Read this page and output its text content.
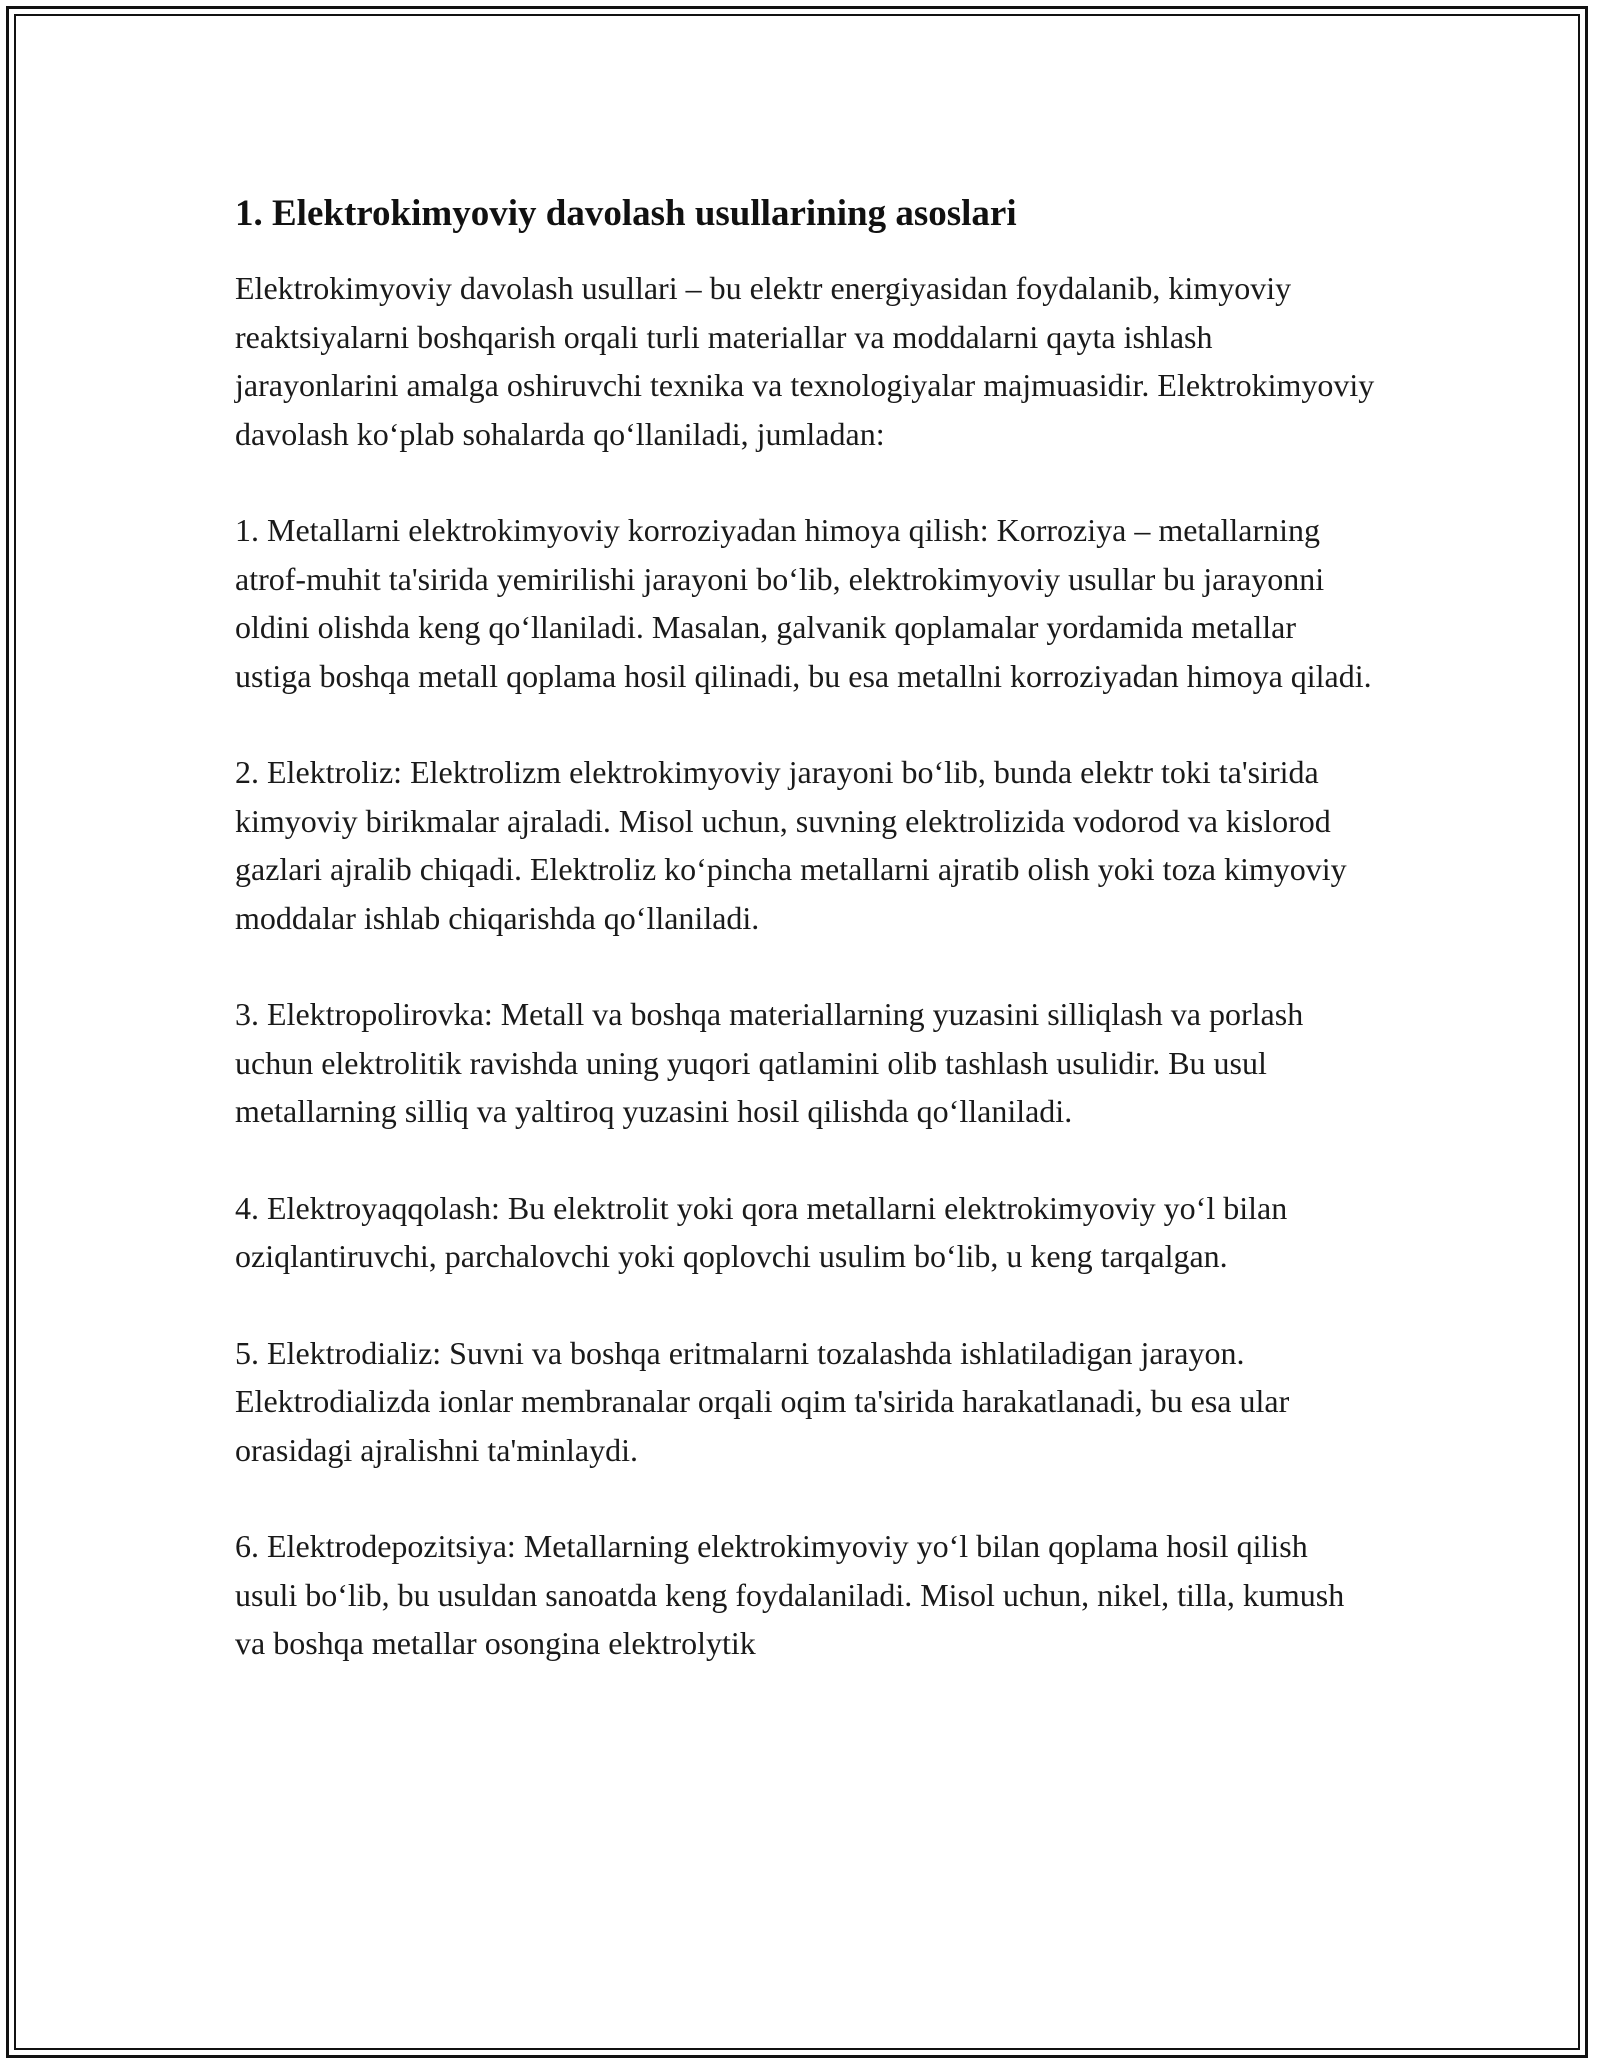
1. Elektrokimyoviy davolash usullarining asoslari

Elektrokimyoviy davolash usullari – bu elektr energiyasidan foydalanib, kimyoviy reaktsiyalarni boshqarish orqali turli materiallar va moddalarni qayta ishlash jarayonlarini amalga oshiruvchi texnika va texnologiyalar majmuasidir. Elektrokimyoviy davolash ko‘plab sohalarda qo‘llaniladi, jumladan:

1. Metallarni elektrokimyoviy korroziyadan himoya qilish: Korroziya – metallarning atrof-muhit ta'sirida yemirilishi jarayoni bo‘lib, elektrokimyoviy usullar bu jarayonni oldini olishda keng qo‘llaniladi. Masalan, galvanik qoplamalar yordamida metallar ustiga boshqa metall qoplama hosil qilinadi, bu esa metallni korroziyadan himoya qiladi.

2. Elektroliz: Elektrolizm elektrokimyoviy jarayoni bo‘lib, bunda elektr toki ta'sirida kimyoviy birikmalar ajraladi. Misol uchun, suvning elektrolizida vodorod va kislorod gazlari ajralib chiqadi. Elektroliz ko‘pincha metallarni ajratib olish yoki toza kimyoviy moddalar ishlab chiqarishda qo‘llaniladi.

3. Elektropolirovka: Metall va boshqa materiallarning yuzasini silliqlash va porlash uchun elektrolitik ravishda uning yuqori qatlamini olib tashlash usulidir. Bu usul metallarning silliq va yaltiroq yuzasini hosil qilishda qo‘llaniladi.

4. Elektroyaqqolash: Bu elektrolit yoki qora metallarni elektrokimyoviy yo‘l bilan oziqlantiruvchi, parchalovchi yoki qoplovchi usulim bo‘lib, u keng tarqalgan.

5. Elektrodializ: Suvni va boshqa eritmalarni tozalashda ishlatiladigan jarayon. Elektrodializda ionlar membranalar orqali oqim ta'sirida harakatlanadi, bu esa ular orasidagi ajralishni ta'minlaydi.

6. Elektrodepozitsiya: Metallarning elektrokimyoviy yo‘l bilan qoplama hosil qilish usuli bo‘lib, bu usuldan sanoatda keng foydalaniladi. Misol uchun, nikel, tilla, kumush va boshqa metallar osongina elektrolytik
